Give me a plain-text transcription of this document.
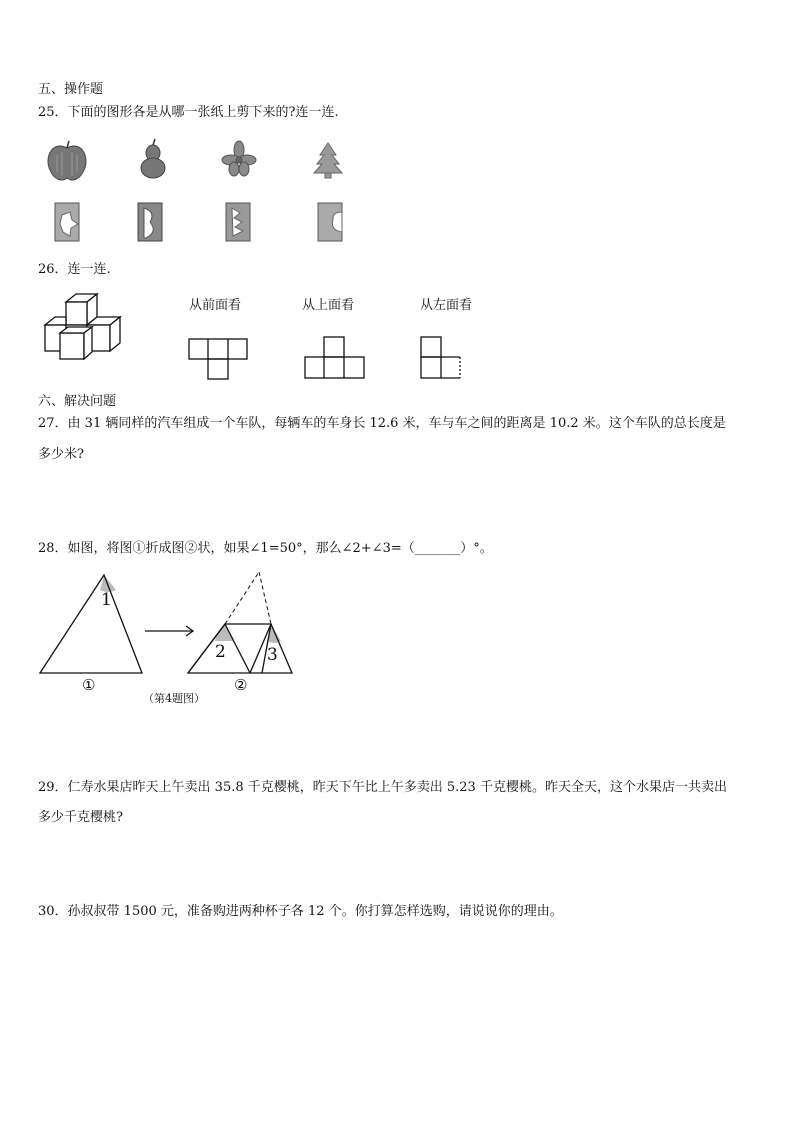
五、操作题
25．下面的图形各是从哪一张纸上剪下来的?连一连.
26．连一连.
从前面看	从上面看	从左面看
六、解决问题
27．由 31 辆同样的汽车组成一个车队，每辆车的车身长 12.6 米，车与车之间的距离是 10.2 米。这个车队的总长度是
多少米?
28．如图，将图①折成图②状，如果∠1=50°，那么∠2+∠3=（_______）°。
1
2 3
①	②
（第4题图）
29．仁寿水果店昨天上午卖出 35.8 千克樱桃，昨天下午比上午多卖出 5.23 千克樱桃。昨天全天，这个水果店一共卖出
多少千克樱桃?
30．孙叔叔带 1500 元，准备购进两种杯子各 12 个。你打算怎样选购，请说说你的理由。
